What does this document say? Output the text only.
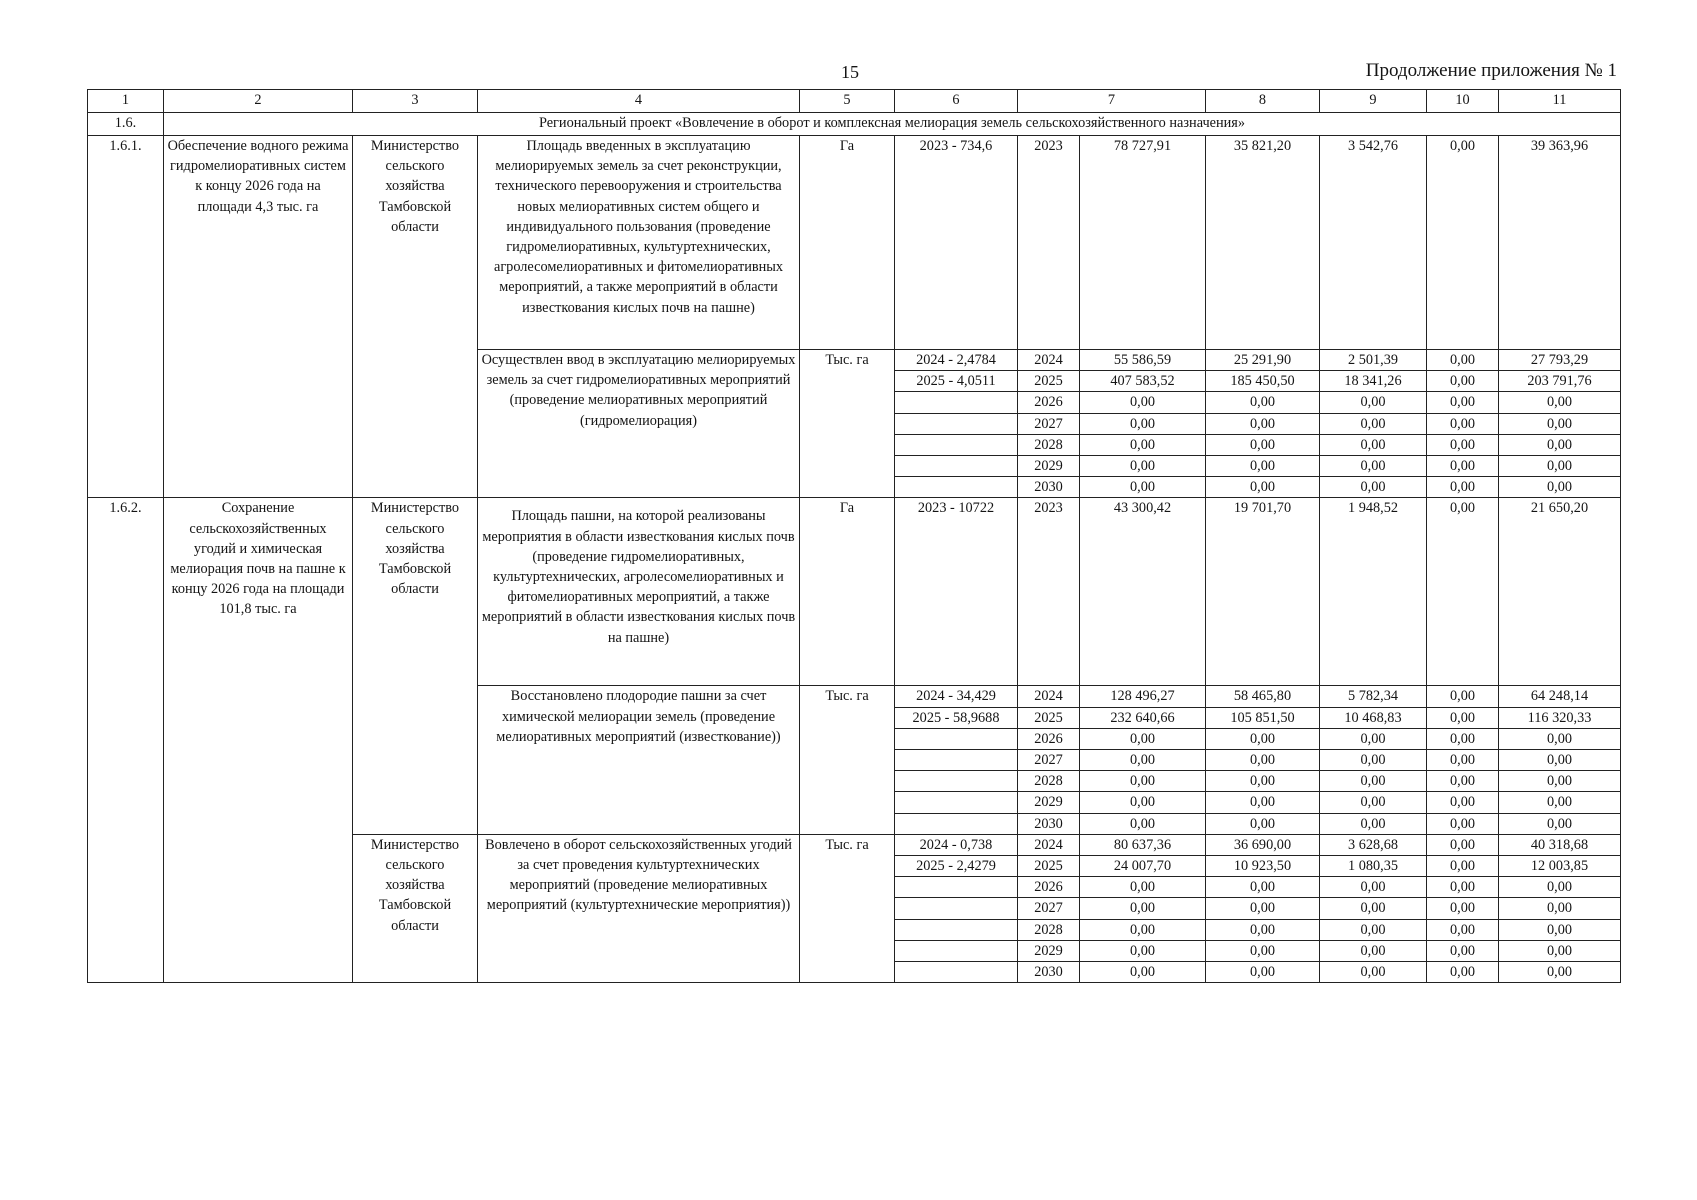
15	Продолжение приложения № 1
1	2	3	4	5	6	7		8	9	10	11
1.6.	Региональный проект «Вовлечение в оборот и комплексная мелиорация земель сельскохозяйственного назначения»										
1.6.1.	Обеспечение водного режима гидромелиоративных систем к концу 2026 года на площади 4,3 тыс. га	Министерство сельского хозяйства Тамбовской области	Площадь введенных в эксплуатацию мелиорируемых земель за счет реконструкции, технического перевооружения и строительства новых мелиоративных систем общего и индивидуального пользования (проведение гидромелиоративных, культуртехнических, агролесомелиоративных и фитомелиоративных мероприятий, а также мероприятий в области известкования кислых почв на пашне)	Га	2023 - 734,6	2023	78 727,91	35 821,20	3 542,76	0,00	39 363,96
			Осуществлен ввод в эксплуатацию мелиорируемых земель за счет гидромелиоративных мероприятий (проведение мелиоративных мероприятий (гидромелиорация)	Тыс. га	2024 - 2,4784	2024	55 586,59	25 291,90	2 501,39	0,00	27 793,29
					2025 - 4,0511	2025	407 583,52	185 450,50	18 341,26	0,00	203 791,76
						2026	0,00	0,00	0,00	0,00	0,00
						2027	0,00	0,00	0,00	0,00	0,00
						2028	0,00	0,00	0,00	0,00	0,00
						2029	0,00	0,00	0,00	0,00	0,00
						2030	0,00	0,00	0,00	0,00	0,00
1.6.2.	Сохранение сельскохозяйственных угодий и химическая мелиорация почв на пашне к концу 2026 года на площади 101,8 тыс. га	Министерство сельского хозяйства Тамбовской области	Площадь пашни, на которой реализованы мероприятия в области известкования кислых почв (проведение гидромелиоративных, культуртехнических, агролесомелиоративных и фитомелиоративных мероприятий, а также мероприятий в области известкования кислых почв на пашне)	Га	2023 - 10722	2023	43 300,42	19 701,70	1 948,52	0,00	21 650,20
			Восстановлено плодородие пашни за счет химической мелиорации земель (проведение мелиоративных мероприятий (известкование))	Тыс. га	2024 - 34,429	2024	128 496,27	58 465,80	5 782,34	0,00	64 248,14
					2025 - 58,9688	2025	232 640,66	105 851,50	10 468,83	0,00	116 320,33
						2026	0,00	0,00	0,00	0,00	0,00
						2027	0,00	0,00	0,00	0,00	0,00
						2028	0,00	0,00	0,00	0,00	0,00
						2029	0,00	0,00	0,00	0,00	0,00
						2030	0,00	0,00	0,00	0,00	0,00
		Министерство сельского хозяйства Тамбовской области	Вовлечено в оборот сельскохозяйственных угодий за счет проведения культуртехнических мероприятий (проведение мелиоративных мероприятий (культуртехнические мероприятия))	Тыс. га	2024 - 0,738	2024	80 637,36	36 690,00	3 628,68	0,00	40 318,68
					2025 - 2,4279	2025	24 007,70	10 923,50	1 080,35	0,00	12 003,85
						2026	0,00	0,00	0,00	0,00	0,00
						2027	0,00	0,00	0,00	0,00	0,00
						2028	0,00	0,00	0,00	0,00	0,00
						2029	0,00	0,00	0,00	0,00	0,00
						2030	0,00	0,00	0,00	0,00	0,00
